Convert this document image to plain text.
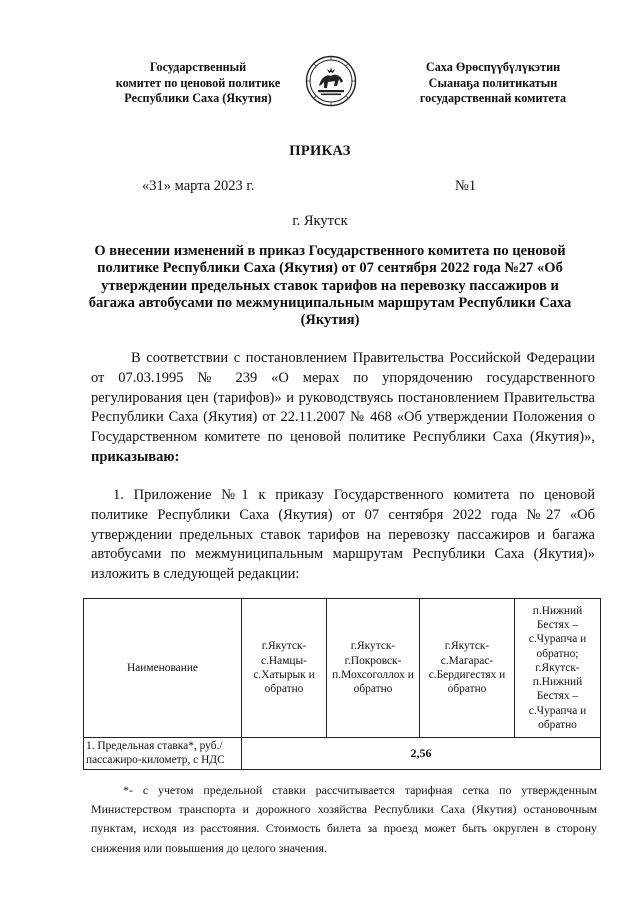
Государственный
комитет по ценовой политике
Республики Саха (Якутия)
Саха Өрөспүүбүлүкэтин
Сыанаҕа политикатын
государственнай комитета
ПРИКАЗ
«31» марта 2023 г.	№1
г. Якутск
О внесении изменений в приказ Государственного комитета по ценовой политике Республики Саха (Якутия) от 07 сентября 2022 года №27 «Об утверждении предельных ставок тарифов на перевозку пассажиров и багажа автобусами по межмуниципальным маршрутам Республики Саха (Якутия)

В соответствии с постановлением Правительства Российской Федерации от 07.03.1995 № 239 «О мерах по упорядочению государственного регулирования цен (тарифов)» и руководствуясь постановлением Правительства Республики Саха (Якутия) от 22.11.2007 № 468 «Об утверждении Положения о Государственном комитете по ценовой политике Республики Саха (Якутия)», приказываю:

1. Приложение №1 к приказу Государственного комитета по ценовой политике Республики Саха (Якутия) от 07 сентября 2022 года №27 «Об утверждении предельных ставок тарифов на перевозку пассажиров и багажа автобусами по межмуниципальным маршрутам Республики Саха (Якутия)» изложить в следующей редакции:

Наименование	г.Якутск-с.Намцы-с.Хатырык и обратно	г.Якутск-г.Покровск-п.Мохсоголлох и обратно	г.Якутск-с.Магарас-с.Бердигестях и обратно	п.Нижний Бестях – с.Чурапча и обратно; г.Якутск-п.Нижний Бестях – с.Чурапча и обратно
1. Предельная ставка*, руб./пассажиро-километр, с НДС	2,56			

*- с учетом предельной ставки рассчитывается тарифная сетка по утвержденным Министерством транспорта и дорожного хозяйства Республики Саха (Якутия) остановочным пунктам, исходя из расстояния. Стоимость билета за проезд может быть округлен в сторону снижения или повышения до целого значения.
